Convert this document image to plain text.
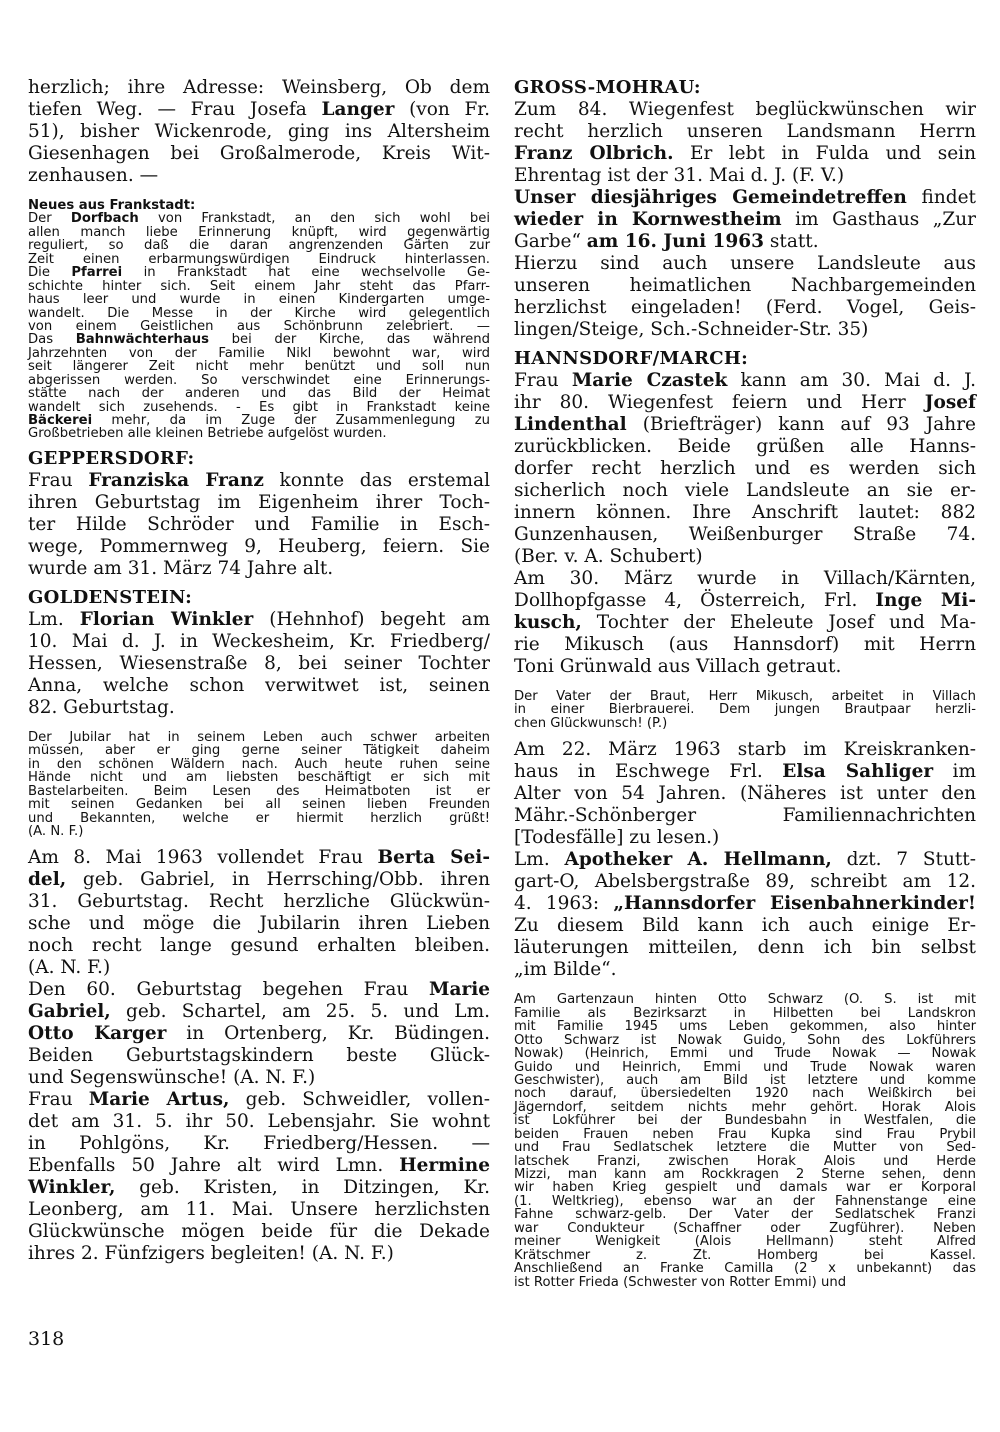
herzlich; ihre Adresse: Weinsberg, Ob dem
tiefen Weg. — Frau Josefa Langer (von Fr.
51), bisher Wickenrode, ging ins Altersheim
Giesenhagen bei Großalmerode, Kreis Wit-
zenhausen. —
Neues aus Frankstadt:
Der Dorfbach von Frankstadt, an den sich wohl bei
allen manch liebe Erinnerung knüpft, wird gegenwärtig
reguliert, so daß die daran angrenzenden Gärten zur
Zeit einen erbarmungswürdigen Eindruck hinterlassen.
Die Pfarrei in Frankstadt hat eine wechselvolle Ge-
schichte hinter sich. Seit einem Jahr steht das Pfarr-
haus leer und wurde in einen Kindergarten umge-
wandelt. Die Messe in der Kirche wird gelegentlich
von einem Geistlichen aus Schönbrunn zelebriert. —
Das Bahnwächterhaus bei der Kirche, das während
Jahrzehnten von der Familie Nikl bewohnt war, wird
seit längerer Zeit nicht mehr benützt und soll nun
abgerissen werden. So verschwindet eine Erinnerungs-
stätte nach der anderen und das Bild der Heimat
wandelt sich zusehends. - Es gibt in Frankstadt keine
Bäckerei mehr, da im Zuge der Zusammenlegung zu
Großbetrieben alle kleinen Betriebe aufgelöst wurden.
GEPPERSDORF:
Frau Franziska Franz konnte das erstemal
ihren Geburtstag im Eigenheim ihrer Toch-
ter Hilde Schröder und Familie in Esch-
wege, Pommernweg 9, Heuberg, feiern. Sie
wurde am 31. März 74 Jahre alt.
GOLDENSTEIN:
Lm. Florian Winkler (Hehnhof) begeht am
10. Mai d. J. in Weckesheim, Kr. Friedberg/
Hessen, Wiesenstraße 8, bei seiner Tochter
Anna, welche schon verwitwet ist, seinen
82. Geburtstag.
Der Jubilar hat in seinem Leben auch schwer arbeiten
müssen, aber er ging gerne seiner Tätigkeit daheim
in den schönen Wäldern nach. Auch heute ruhen seine
Hände nicht und am liebsten beschäftigt er sich mit
Bastelarbeiten. Beim Lesen des Heimatboten ist er
mit seinen Gedanken bei all seinen lieben Freunden
und Bekannten, welche er hiermit herzlich grüßt!
(A. N. F.)
Am 8. Mai 1963 vollendet Frau Berta Sei-
del, geb. Gabriel, in Herrsching/Obb. ihren
31. Geburtstag. Recht herzliche Glückwün-
sche und möge die Jubilarin ihren Lieben
noch recht lange gesund erhalten bleiben.
(A. N. F.)
Den 60. Geburtstag begehen Frau Marie
Gabriel, geb. Schartel, am 25. 5. und Lm.
Otto Karger in Ortenberg, Kr. Büdingen.
Beiden Geburtstagskindern beste Glück-
und Segenswünsche! (A. N. F.)
Frau Marie Artus, geb. Schweidler, vollen-
det am 31. 5. ihr 50. Lebensjahr. Sie wohnt
in Pohlgöns, Kr. Friedberg/Hessen. —
Ebenfalls 50 Jahre alt wird Lmn. Hermine
Winkler, geb. Kristen, in Ditzingen, Kr.
Leonberg, am 11. Mai. Unsere herzlichsten
Glückwünsche mögen beide für die Dekade
ihres 2. Fünfzigers begleiten! (A. N. F.)
GROSS-MOHRAU:
Zum 84. Wiegenfest beglückwünschen wir
recht herzlich unseren Landsmann Herrn
Franz Olbrich. Er lebt in Fulda und sein
Ehrentag ist der 31. Mai d. J. (F. V.)
Unser diesjähriges Gemeindetreffen findet
wieder in Kornwestheim im Gasthaus „Zur
Garbe“ am 16. Juni 1963 statt.
Hierzu sind auch unsere Landsleute aus
unseren heimatlichen Nachbargemeinden
herzlichst eingeladen! (Ferd. Vogel, Geis-
lingen/Steige, Sch.-Schneider-Str. 35)
HANNSDORF/MARCH:
Frau Marie Czastek kann am 30. Mai d. J.
ihr 80. Wiegenfest feiern und Herr Josef
Lindenthal (Briefträger) kann auf 93 Jahre
zurückblicken. Beide grüßen alle Hanns-
dorfer recht herzlich und es werden sich
sicherlich noch viele Landsleute an sie er-
innern können. Ihre Anschrift lautet: 882
Gunzenhausen, Weißenburger Straße 74.
(Ber. v. A. Schubert)
Am 30. März wurde in Villach/Kärnten,
Dollhopfgasse 4, Österreich, Frl. Inge Mi-
kusch, Tochter der Eheleute Josef und Ma-
rie Mikusch (aus Hannsdorf) mit Herrn
Toni Grünwald aus Villach getraut.
Der Vater der Braut, Herr Mikusch, arbeitet in Villach
in einer Bierbrauerei. Dem jungen Brautpaar herzli-
chen Glückwunsch! (P.)
Am 22. März 1963 starb im Kreiskranken-
haus in Eschwege Frl. Elsa Sahliger im
Alter von 54 Jahren. (Näheres ist unter den
Mähr.-Schönberger Familiennachrichten
[Todesfälle] zu lesen.)
Lm. Apotheker A. Hellmann, dzt. 7 Stutt-
gart-O, Abelsbergstraße 89, schreibt am 12.
4. 1963: „Hannsdorfer Eisenbahnerkinder!
Zu diesem Bild kann ich auch einige Er-
läuterungen mitteilen, denn ich bin selbst
„im Bilde“.
Am Gartenzaun hinten Otto Schwarz (O. S. ist mit
Familie als Bezirksarzt in Hilbetten bei Landskron
mit Familie 1945 ums Leben gekommen, also hinter
Otto Schwarz ist Nowak Guido, Sohn des Lokführers
Nowak) (Heinrich, Emmi und Trude Nowak — Nowak
Guido und Heinrich, Emmi und Trude Nowak waren
Geschwister), auch am Bild ist letztere und komme
noch darauf, übersiedelten 1920 nach Weißkirch bei
Jägerndorf, seitdem nichts mehr gehört. Horak Alois
ist Lokführer bei der Bundesbahn in Westfalen, die
beiden Frauen neben Frau Kupka sind Frau Prybil
und Frau Sedlatschek letztere die Mutter von Sed-
latschek Franzi, zwischen Horak Alois und Herde
Mizzi, man kann am Rockkragen 2 Sterne sehen, denn
wir haben Krieg gespielt und damals war er Korporal
(1. Weltkrieg), ebenso war an der Fahnenstange eine
Fahne schwarz-gelb. Der Vater der Sedlatschek Franzi
war Condukteur (Schaffner oder Zugführer). Neben
meiner Wenigkeit (Alois Hellmann) steht Alfred
Krätschmer z. Zt. Homberg bei Kassel.
Anschließend an Franke Camilla (2 x unbekannt) das
ist Rotter Frieda (Schwester von Rotter Emmi) und
318
